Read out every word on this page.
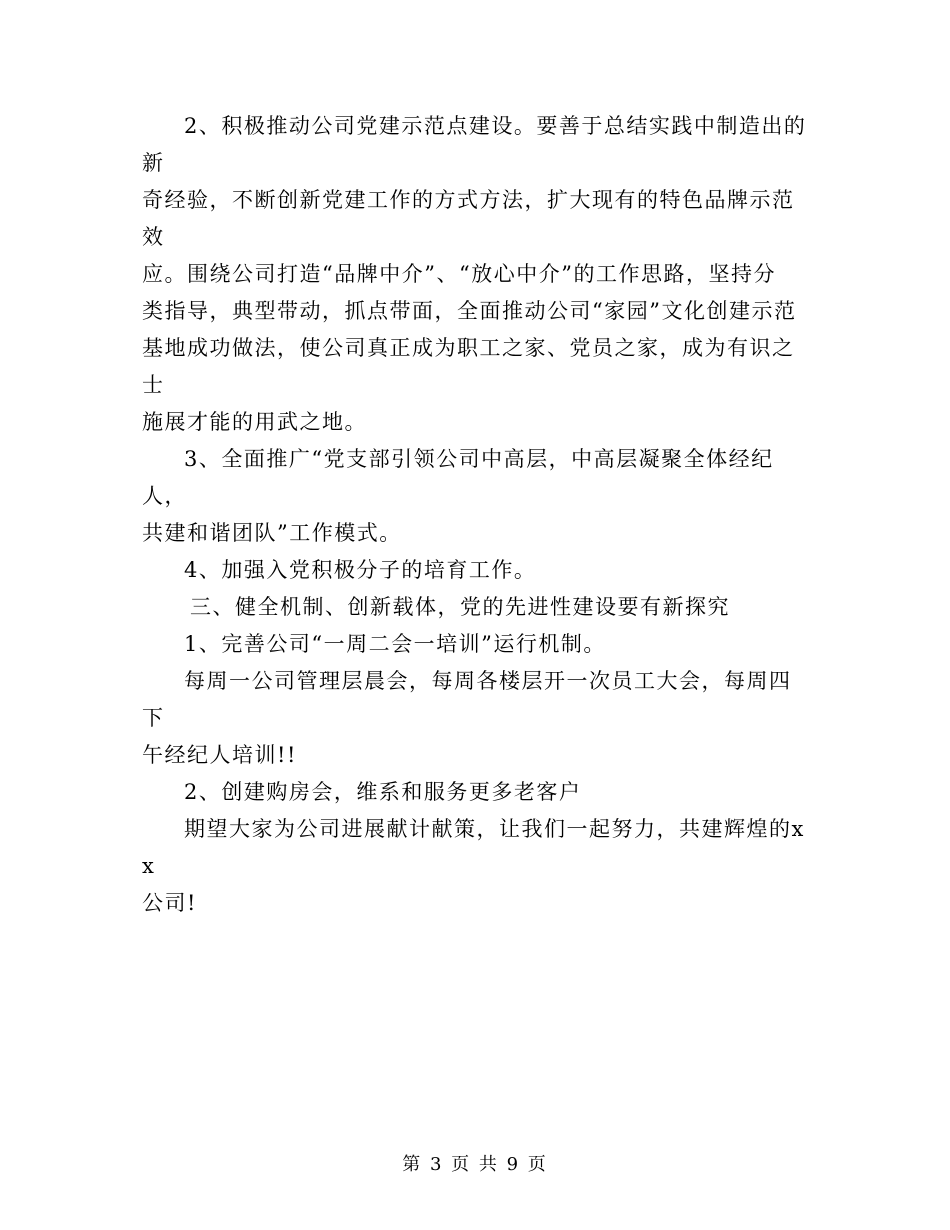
2、积极推动公司党建示范点建设。要善于总结实践中制造出的新
奇经验，不断创新党建工作的方式方法，扩大现有的特色品牌示范效
应。围绕公司打造“品牌中介”、“放心中介”的工作思路，坚持分
类指导，典型带动，抓点带面，全面推动公司“家园”文化创建示范
基地成功做法，使公司真正成为职工之家、党员之家，成为有识之士
施展才能的用武之地。

3、全面推广“党支部引领公司中高层，中高层凝聚全体经纪人，
共建和谐团队”工作模式。

4、加强入党积极分子的培育工作。

三、健全机制、创新载体，党的先进性建设要有新探究

1、完善公司“一周二会一培训”运行机制。

每周一公司管理层晨会，每周各楼层开一次员工大会，每周四下
午经纪人培训!!

2、创建购房会，维系和服务更多老客户

期望大家为公司进展献计献策，让我们一起努力，共建辉煌的xx
公司!

第 3 页 共 9 页
